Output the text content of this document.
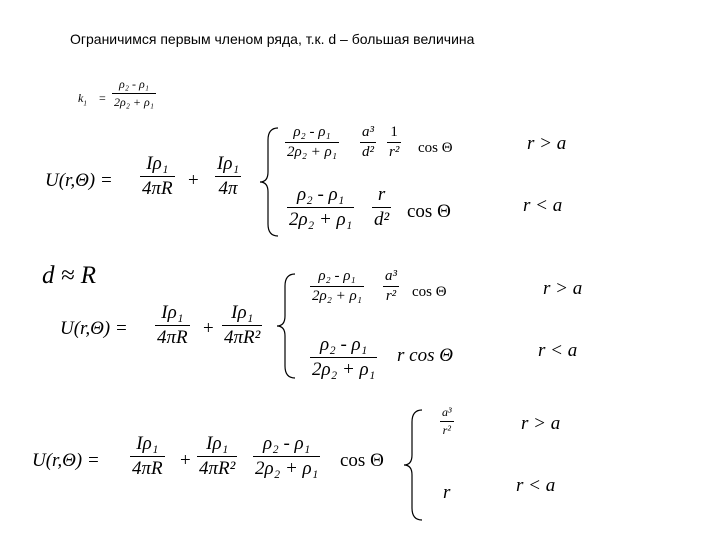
Ограничимся первым членом ряда, т.к. d – большая величина
$k_1 = \frac{\text{ρ₂ - ρ₁}}{\text{2ρ₂ + ρ₁}}$
$U(r,\Theta) = \frac{\text{Iρ₁}}{4\pi R} + \frac{\text{Iρ₁}}{4\pi}$
$\frac{\text{ρ₂ - ρ₁}}{\text{2ρ₂ + ρ₁}} \frac{\text{a³}}{\text{d²}} \frac{1}{\text{r²}}$ cos Θ	r > a
$\frac{\text{ρ₂ - ρ₁}}{\text{2ρ₂ + ρ₁}} \frac{r}{\text{d²}}$ cos Θ	r < a
d ≈ R
$U(r,\Theta) = \frac{\text{Iρ₁}}{4\pi R} + \frac{\text{Iρ₁}}{\text{4πR²}}$
$\frac{\text{ρ₂ - ρ₁}}{\text{2ρ₂ + ρ₁}} \frac{\text{a³}}{\text{r²}}$ cos Θ	r > a
$\frac{\text{ρ₂ - ρ₁}}{\text{2ρ₂ + ρ₁}}$ r cos Θ	r < a
$U(r,\Theta) = \frac{\text{Iρ₁}}{4\pi R} + \frac{\text{Iρ₁}}{\text{4πR²}} \frac{\text{ρ₂ - ρ₁}}{\text{2ρ₂ + ρ₁}}$ cos Θ
$\frac{\text{a³}}{\text{r²}}$	r > a
r	r < a
